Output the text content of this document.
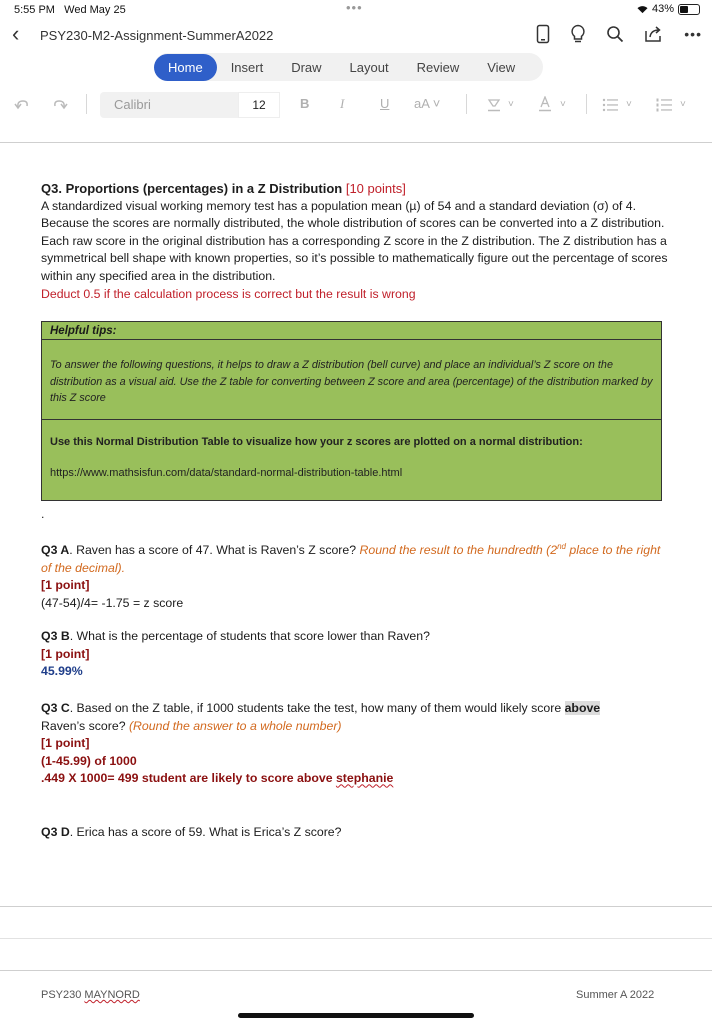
5:55 PM Wed May 25	•••	43%
‹ PSY230-M2-Assignment-SummerA2022	•••
Home	Insert	Draw	Layout	Review	View
Calibri	12	B I	U aA ˅	˅	˅	˅	˅
Q3. Proportions (percentages) in a Z Distribution [10 points]
A standardized visual working memory test has a population mean (µ) of 54 and a standard deviation (σ) of 4. Because the scores are normally distributed, the whole distribution of scores can be converted into a Z distribution. Each raw score in the original distribution has a corresponding Z score in the Z distribution. The Z distribution has a symmetrical bell shape with known properties, so it’s possible to mathematically figure out the percentage of scores within any specified area in the distribution.
Deduct 0.5 if the calculation process is correct but the result is wrong
Helpful tips:
To answer the following questions, it helps to draw a Z distribution (bell curve) and place an individual’s Z score on the distribution as a visual aid. Use the Z table for converting between Z score and area (percentage) of the distribution marked by this Z score
Use this Normal Distribution Table to visualize how your z scores are plotted on a normal distribution:
https://www.mathsisfun.com/data/standard-normal-distribution-table.html
.
Q3 A. Raven has a score of 47. What is Raven’s Z score? Round the result to the hundredth (2nd place to the right of the decimal).
[1 point]
(47-54)/4= -1.75 = z score
Q3 B. What is the percentage of students that score lower than Raven?
[1 point]
45.99%
Q3 C. Based on the Z table, if 1000 students take the test, how many of them would likely score above
Raven’s score? (Round the answer to a whole number)
[1 point]
(1-45.99) of 1000
.449 X 1000= 499 student are likely to score above stephanie
Q3 D. Erica has a score of 59. What is Erica’s Z score?
PSY230 MAYNORD	Summer A 2022
